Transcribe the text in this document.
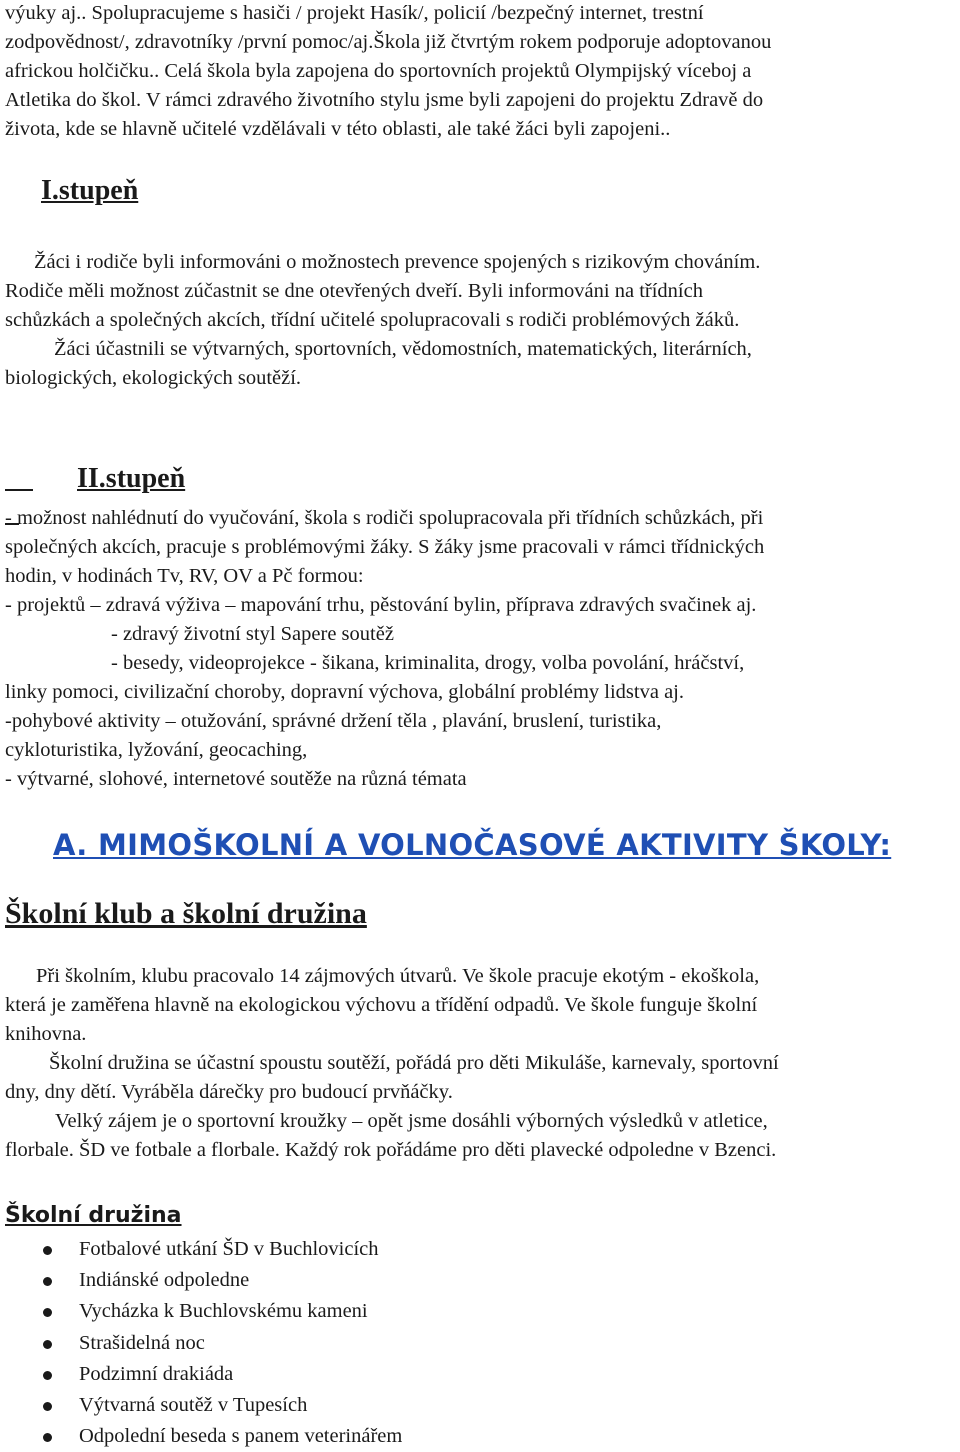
výuky aj.. Spolupracujeme s hasiči / projekt Hasík/, policií /bezpečný internet, trestní

zodpovědnost/, zdravotníky /první pomoc/aj.Škola již čtvrtým rokem podporuje adoptovanou

africkou holčičku.. Celá škola byla zapojena do sportovních projektů Olympijský víceboj a

Atletika do škol. V rámci zdravého životního stylu jsme byli zapojeni do projektu Zdravě do

života, kde se hlavně učitelé vzdělávali v této oblasti, ale také žáci byli zapojeni..

I.stupeň

Žáci i rodiče byli informováni o možnostech prevence spojených s rizikovým chováním.

Rodiče měli možnost zúčastnit se dne otevřených dveří. Byli informováni na třídních

schůzkách a společných akcích, třídní učitelé spolupracovali s rodiči problémových žáků.

Žáci účastnili se výtvarných, sportovních, vědomostních, matematických, literárních,

biologických, ekologických soutěží.

II.stupeň

- možnost nahlédnutí do vyučování, škola s rodiči spolupracovala při třídních schůzkách, při

společných akcích, pracuje s problémovými žáky. S žáky jsme pracovali v rámci třídnických

hodin, v hodinách Tv, RV, OV a Pč formou:

- projektů – zdravá výživa – mapování trhu, pěstování bylin, příprava zdravých svačinek aj.

- zdravý životní styl Sapere soutěž

- besedy, videoprojekce - šikana, kriminalita, drogy, volba povolání, hráčství,

linky pomoci, civilizační choroby, dopravní výchova, globální problémy lidstva aj.

-pohybové aktivity – otužování, správné držení těla , plavání, bruslení, turistika,

cykloturistika, lyžování, geocaching,

- výtvarné, slohové, internetové soutěže na různá témata

A. MIMOŠKOLNÍ A VOLNOČASOVÉ AKTIVITY ŠKOLY:
Školní klub a školní družina

Při školním, klubu pracovalo 14 zájmových útvarů. Ve škole pracuje ekotým - ekoškola,

která je zaměřena hlavně na ekologickou výchovu a třídění odpadů. Ve škole funguje školní

knihovna.

Školní družina se účastní spoustu soutěží, pořádá pro děti Mikuláše, karnevaly, sportovní

dny, dny dětí. Vyráběla dárečky pro budoucí prvňáčky.

Velký zájem je o sportovní kroužky – opět jsme dosáhli výborných výsledků v atletice,

florbale. ŠD ve fotbale a florbale. Každý rok pořádáme pro děti plavecké odpoledne v Bzenci.

Školní družina
Fotbalové utkání ŠD v Buchlovicích
Indiánské odpoledne
Vycházka k Buchlovskému kameni
Strašidelná noc
Podzimní drakiáda
Výtvarná soutěž v Tupesích
Odpolední beseda s panem veterinářem
